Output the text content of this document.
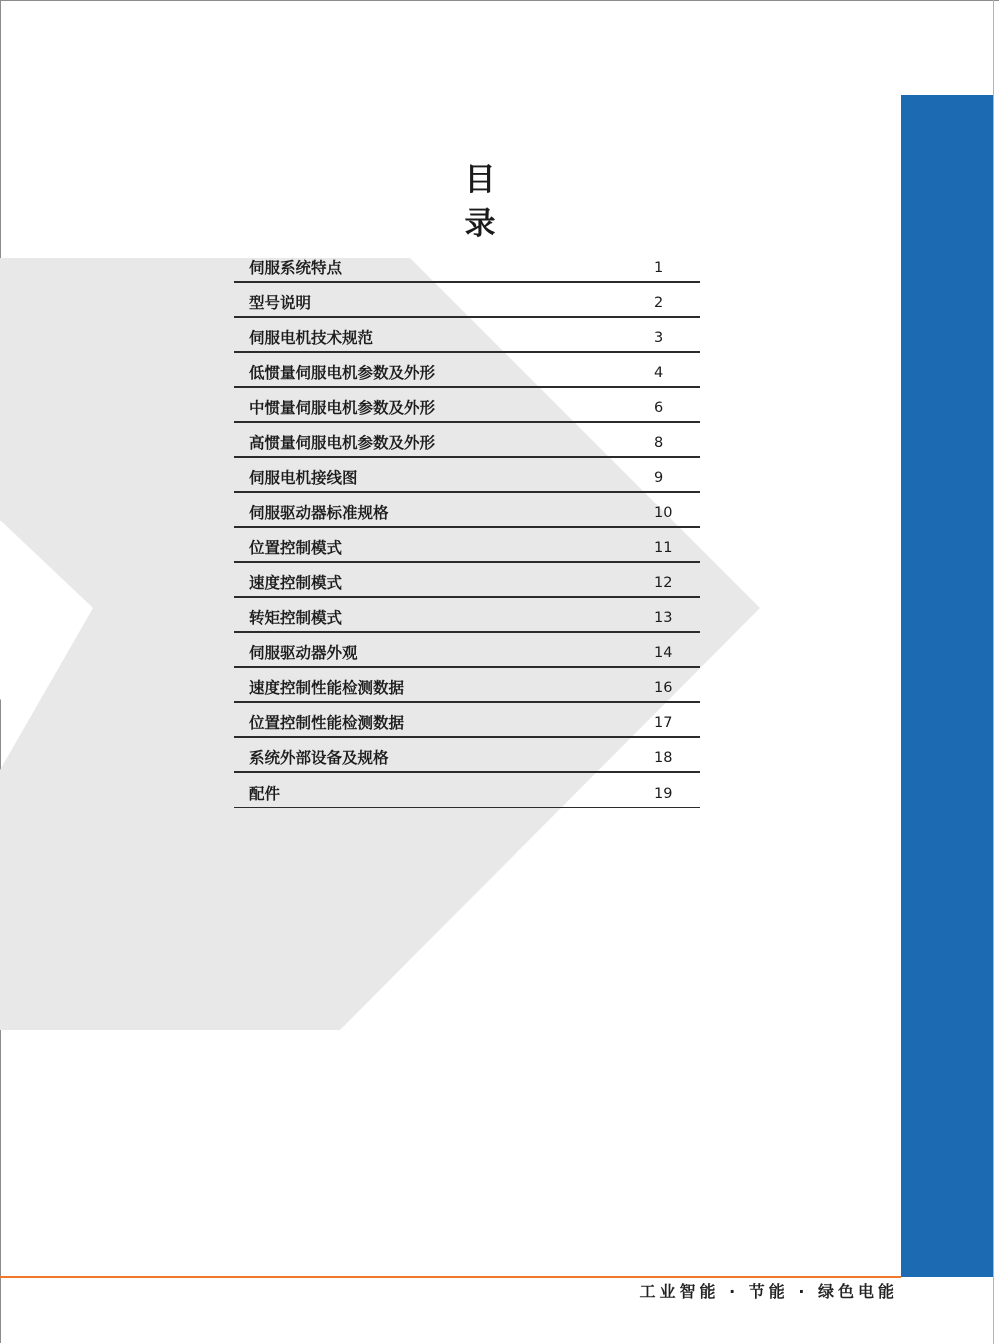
目 录
伺服系统特点	1
型号说明	2
伺服电机技术规范	3
低惯量伺服电机参数及外形	4
中惯量伺服电机参数及外形	6
高惯量伺服电机参数及外形	8
伺服电机接线图	9
伺服驱动器标准规格	10
位置控制模式	11
速度控制模式	12
转矩控制模式	13
伺服驱动器外观	14
速度控制性能检测数据	16
位置控制性能检测数据	17
系统外部设备及规格	18
配件	19
工业智能 · 节能 · 绿色电能
